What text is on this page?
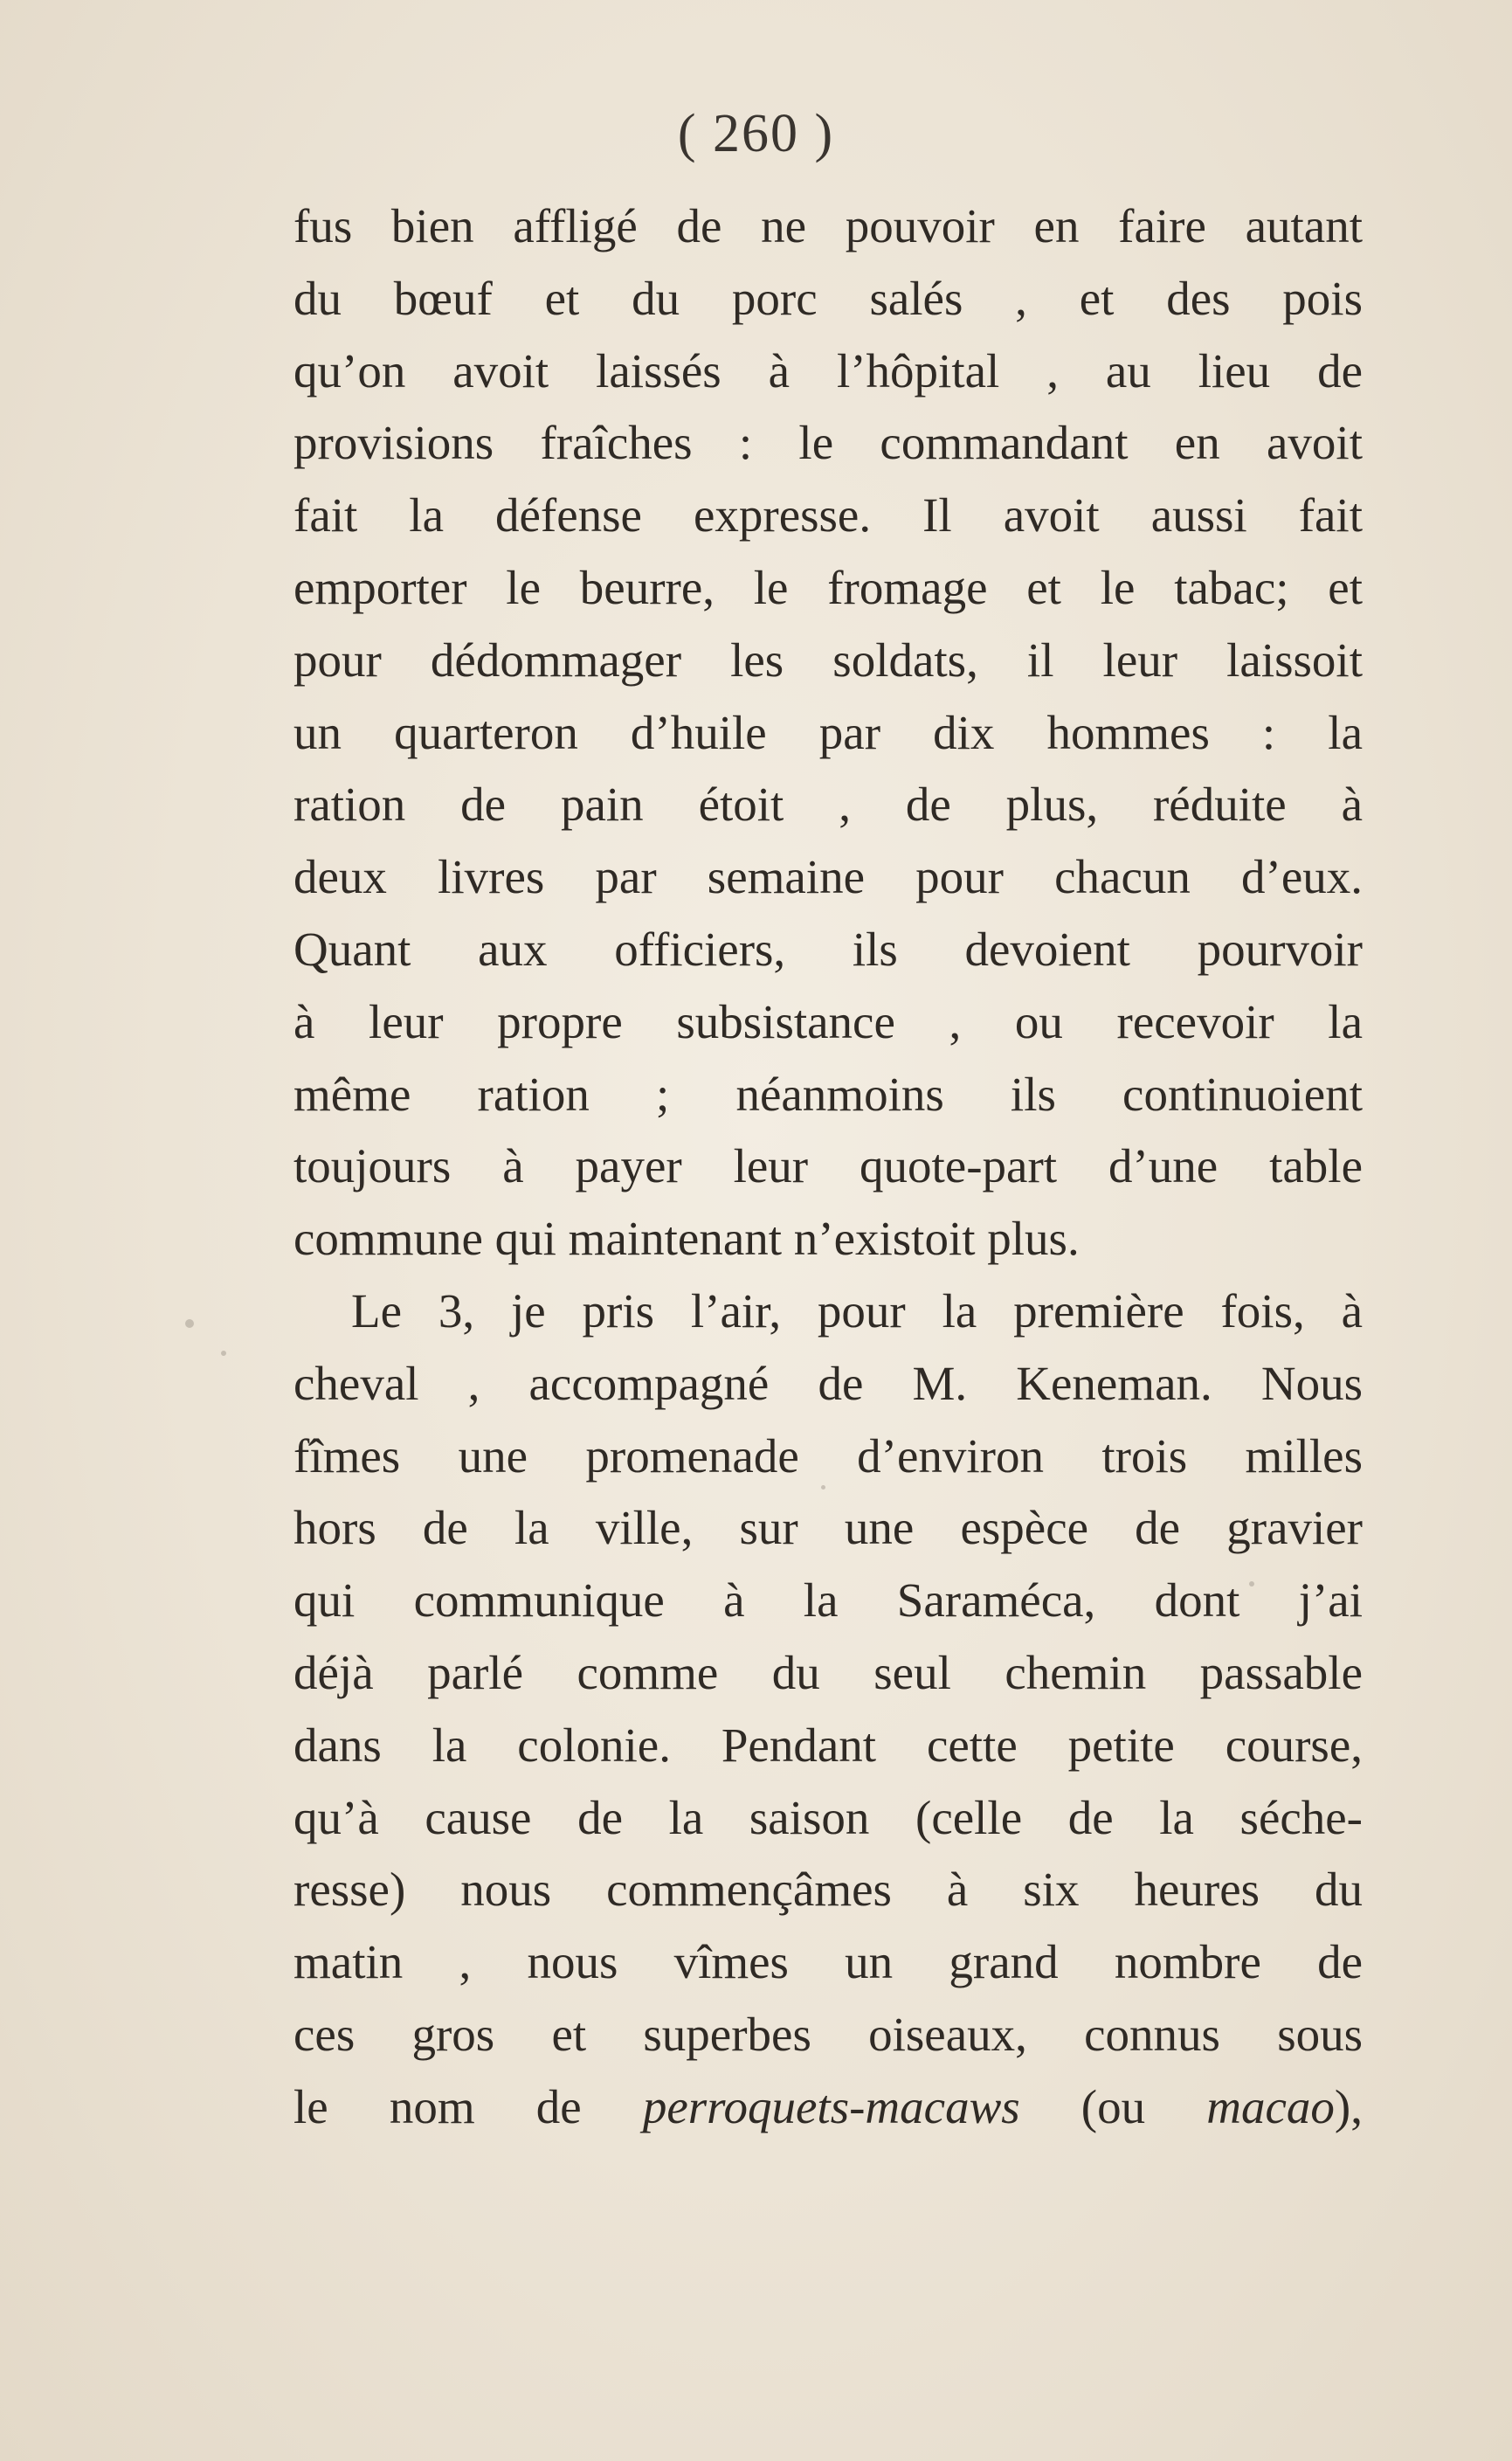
( 260 )
fus bien affligé de ne pouvoir en faire autant
du bœuf et du porc salés , et des pois
qu’on avoit laissés à l’hôpital , au lieu de
provisions fraîches : le commandant en avoit
fait la défense expresse. Il avoit aussi fait
emporter le beurre, le fromage et le tabac; et
pour dédommager les soldats, il leur laissoit
un quarteron d’huile par dix hommes : la
ration de pain étoit , de plus, réduite à
deux livres par semaine pour chacun d’eux.
Quant aux officiers, ils devoient pourvoir
à leur propre subsistance , ou recevoir la
même ration ; néanmoins ils continuoient
toujours à payer leur quote-part d’une table
commune qui maintenant n’existoit plus.
Le 3, je pris l’air, pour la première fois, à
cheval , accompagné de M. Keneman. Nous
fîmes une promenade d’environ trois milles
hors de la ville, sur une espèce de gravier
qui communique à la Saraméca, dont j’ai
déjà parlé comme du seul chemin passable
dans la colonie. Pendant cette petite course,
qu’à cause de la saison (celle de la séche-
resse) nous commençâmes à six heures du
matin , nous vîmes un grand nombre de
ces gros et superbes oiseaux, connus sous
le nom de perroquets-macaws (ou macao),
